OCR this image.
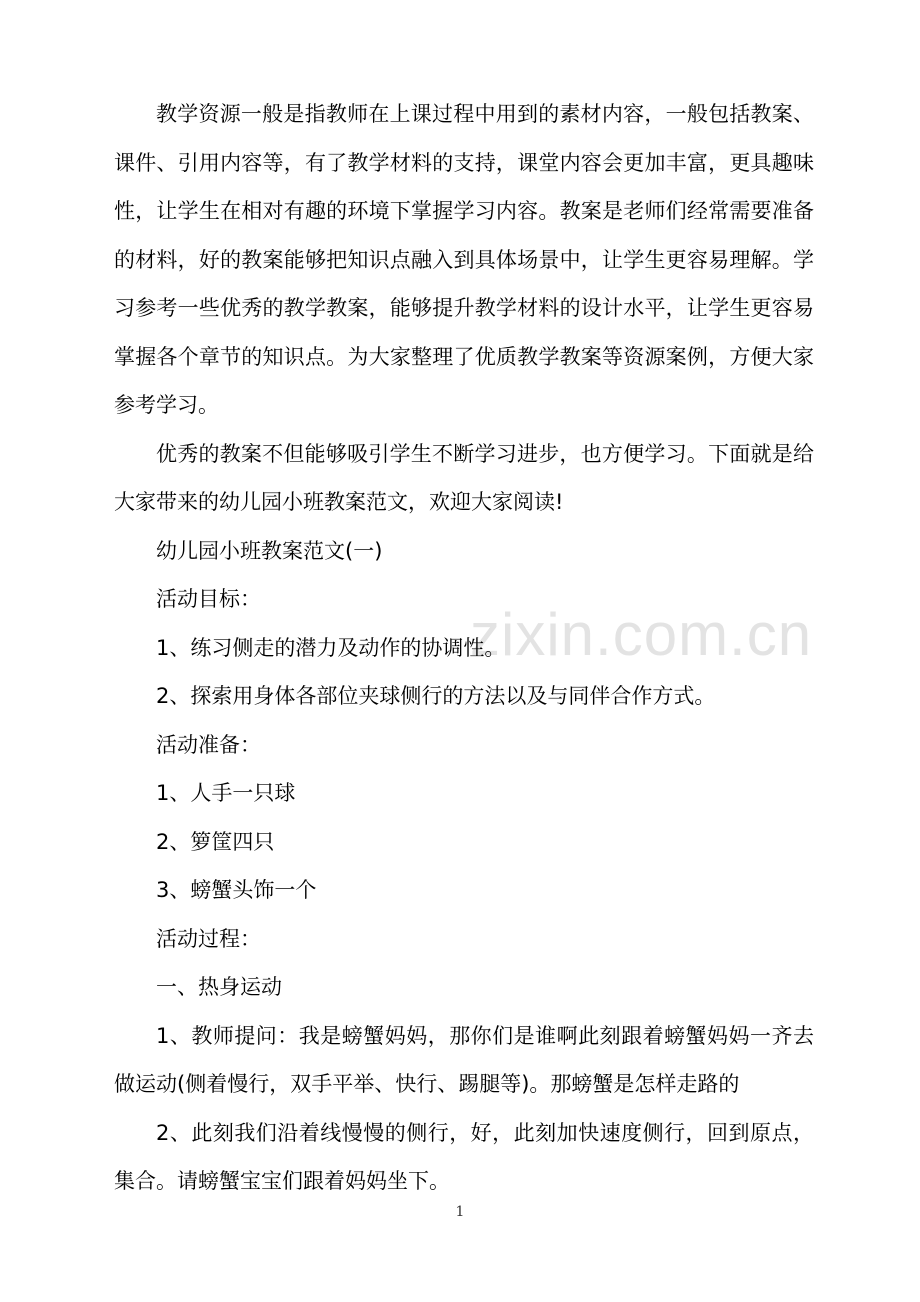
zixin.com.cn

教学资源一般是指教师在上课过程中用到的素材内容，一般包括教案、课件、引用内容等，有了教学材料的支持，课堂内容会更加丰富，更具趣味性，让学生在相对有趣的环境下掌握学习内容。教案是老师们经常需要准备的材料，好的教案能够把知识点融入到具体场景中，让学生更容易理解。学习参考一些优秀的教学教案，能够提升教学材料的设计水平，让学生更容易掌握各个章节的知识点。为大家整理了优质教学教案等资源案例，方便大家参考学习。

优秀的教案不但能够吸引学生不断学习进步，也方便学习。下面就是给大家带来的幼儿园小班教案范文，欢迎大家阅读!

幼儿园小班教案范文(一)

活动目标：

1、练习侧走的潜力及动作的协调性。

2、探索用身体各部位夹球侧行的方法以及与同伴合作方式。

活动准备：

1、人手一只球

2、箩筐四只

3、螃蟹头饰一个

活动过程：

一、热身运动

1、教师提问：我是螃蟹妈妈，那你们是谁啊此刻跟着螃蟹妈妈一齐去做运动(侧着慢行，双手平举、快行、踢腿等)。那螃蟹是怎样走路的

2、此刻我们沿着线慢慢的侧行，好，此刻加快速度侧行，回到原点，集合。请螃蟹宝宝们跟着妈妈坐下。

1
